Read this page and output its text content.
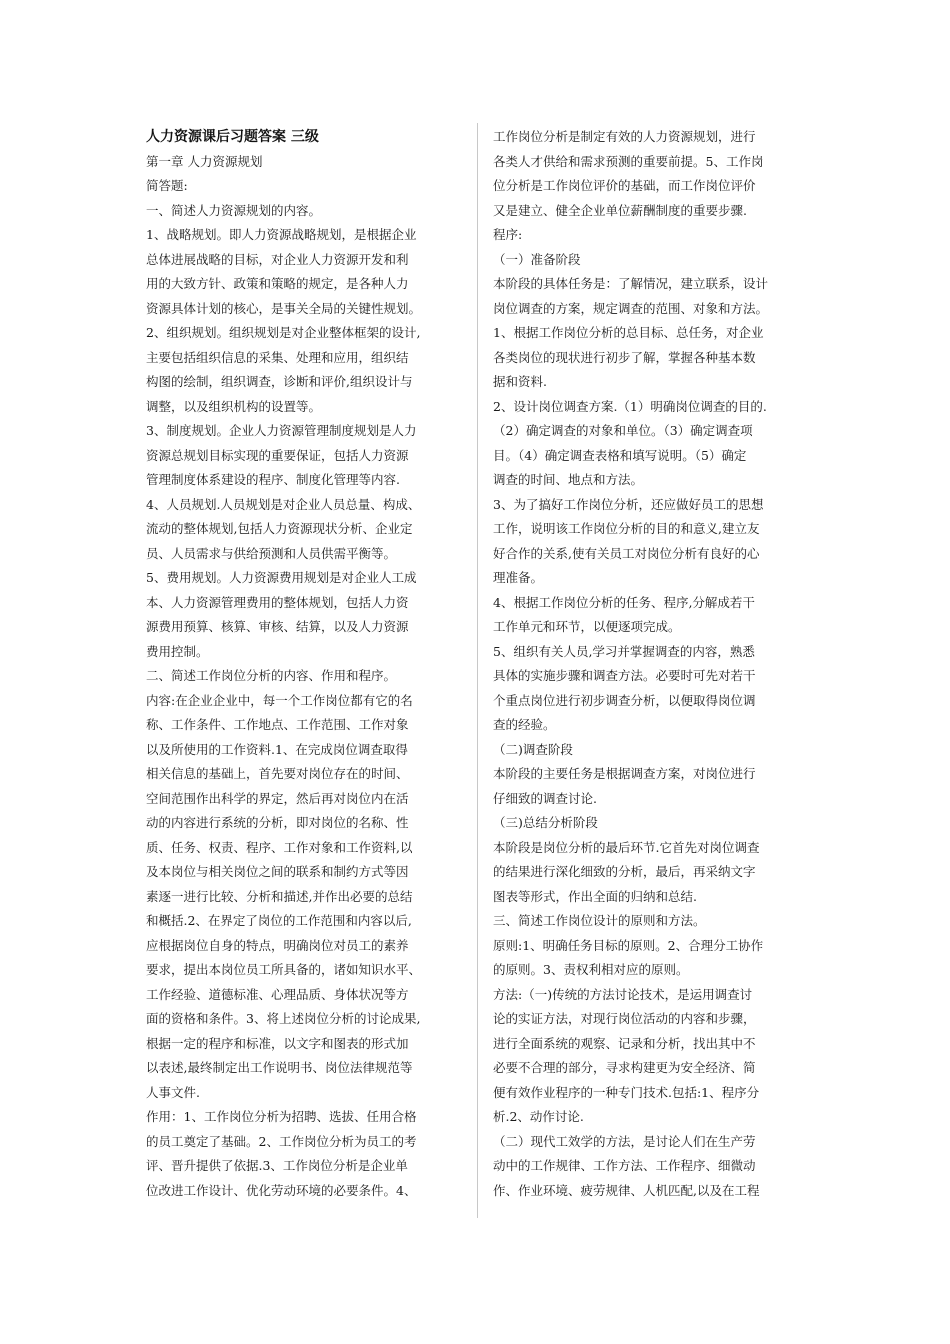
人力资源课后习题答案 三级
第一章 人力资源规划
简答题:
一、简述人力资源规划的内容。
1、战略规划。即人力资源战略规划，是根据企业
总体进展战略的目标，对企业人力资源开发和利
用的大致方针、政策和策略的规定，是各种人力
资源具体计划的核心，是事关全局的关键性规划。
2、组织规划。组织规划是对企业整体框架的设计,
主要包括组织信息的采集、处理和应用，组织结
构图的绘制，组织调查，诊断和评价,组织设计与
调整，以及组织机构的设置等。
3、制度规划。企业人力资源管理制度规划是人力
资源总规划目标实现的重要保证，包括人力资源
管理制度体系建设的程序、制度化管理等内容.
4、人员规划.人员规划是对企业人员总量、构成、
流动的整体规划,包括人力资源现状分析、企业定
员、人员需求与供给预测和人员供需平衡等。
5、费用规划。人力资源费用规划是对企业人工成
本、人力资源管理费用的整体规划，包括人力资
源费用预算、核算、审核、结算，以及人力资源
费用控制。
二、简述工作岗位分析的内容、作用和程序。
内容:在企业企业中，每一个工作岗位都有它的名
称、工作条件、工作地点、工作范围、工作对象
以及所使用的工作资料.1、在完成岗位调查取得
相关信息的基础上，首先要对岗位存在的时间、
空间范围作出科学的界定，然后再对岗位内在活
动的内容进行系统的分析，即对岗位的名称、性
质、任务、权责、程序、工作对象和工作资料,以
及本岗位与相关岗位之间的联系和制约方式等因
素逐一进行比较、分析和描述,并作出必要的总结
和概括.2、在界定了岗位的工作范围和内容以后,
应根据岗位自身的特点，明确岗位对员工的素养
要求，提出本岗位员工所具备的，诸如知识水平、
工作经验、道德标准、心理品质、身体状况等方
面的资格和条件。3、将上述岗位分析的讨论成果,
根据一定的程序和标准，以文字和图表的形式加
以表述,最终制定出工作说明书、岗位法律规范等
人事文件.
作用：1、工作岗位分析为招聘、选拔、任用合格
的员工奠定了基础。2、工作岗位分析为员工的考
评、晋升提供了依据.3、工作岗位分析是企业单
位改进工作设计、优化劳动环境的必要条件。4、
工作岗位分析是制定有效的人力资源规划，进行
各类人才供给和需求预测的重要前提。5、工作岗
位分析是工作岗位评价的基础，而工作岗位评价
又是建立、健全企业单位薪酬制度的重要步骤.
程序:
（一）准备阶段
本阶段的具体任务是：了解情况，建立联系，设计
岗位调查的方案，规定调查的范围、对象和方法。
1、根据工作岗位分析的总目标、总任务，对企业
各类岗位的现状进行初步了解，掌握各种基本数
据和资料.
2、设计岗位调查方案.（1）明确岗位调查的目的.
（2）确定调查的对象和单位。（3）确定调查项
目。（4）确定调查表格和填写说明。（5）确定
调查的时间、地点和方法。
3、为了搞好工作岗位分析，还应做好员工的思想
工作，说明该工作岗位分析的目的和意义,建立友
好合作的关系,使有关员工对岗位分析有良好的心
理准备。
4、根据工作岗位分析的任务、程序,分解成若干
工作单元和环节，以便逐项完成。
5、组织有关人员,学习并掌握调查的内容，熟悉
具体的实施步骤和调查方法。必要时可先对若干
个重点岗位进行初步调查分析，以便取得岗位调
查的经验。
（二)调查阶段
本阶段的主要任务是根据调查方案，对岗位进行
仔细致的调查讨论.
（三)总结分析阶段
本阶段是岗位分析的最后环节.它首先对岗位调查
的结果进行深化细致的分析，最后，再采纳文字
图表等形式，作出全面的归纳和总结.
三、简述工作岗位设计的原则和方法。
原则:1、明确任务目标的原则。2、合理分工协作
的原则。3、责权利相对应的原则。
方法:（一)传统的方法讨论技术，是运用调查讨
论的实证方法，对现行岗位活动的内容和步骤，
进行全面系统的观察、记录和分析，找出其中不
必要不合理的部分，寻求构建更为安全经济、简
便有效作业程序的一种专门技术.包括:1、程序分
析.2、动作讨论.
（二）现代工效学的方法，是讨论人们在生产劳
动中的工作规律、工作方法、工作程序、细微动
作、作业环境、疲劳规律、人机匹配,以及在工程
